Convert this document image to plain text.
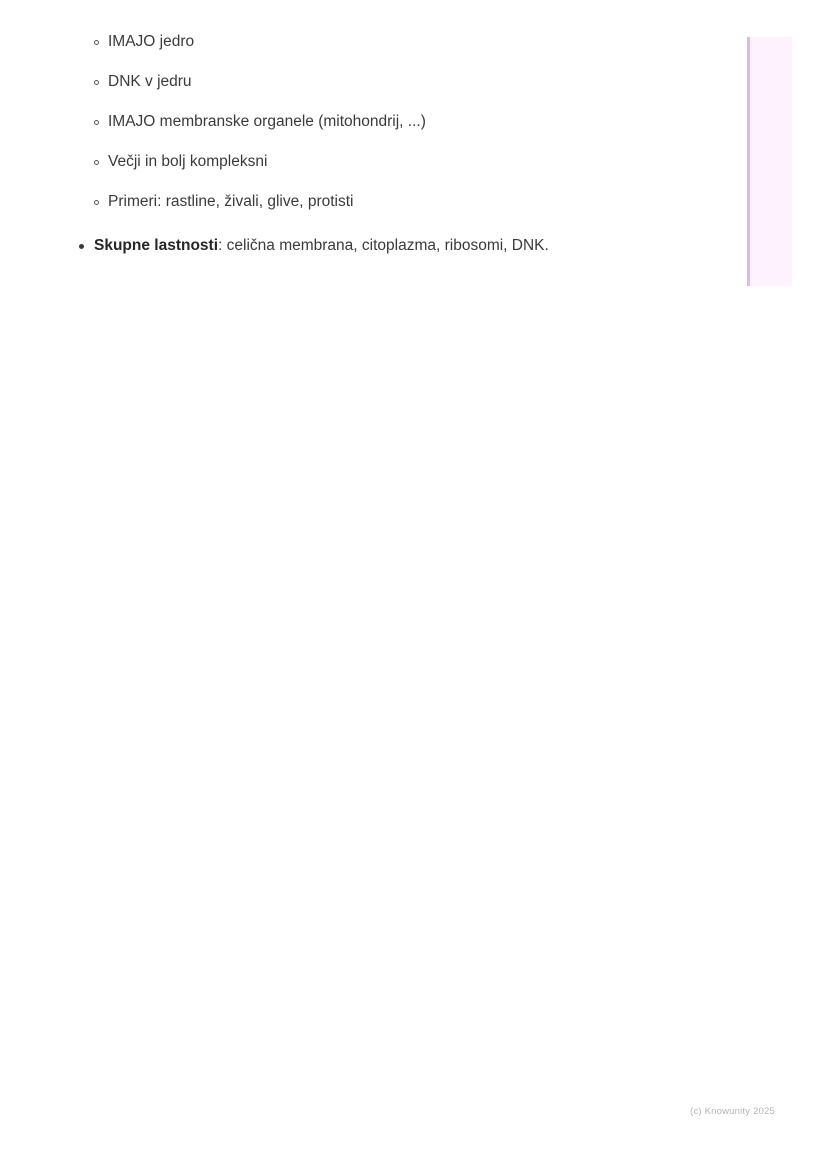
IMAJO jedro
DNK v jedru
IMAJO membranske organele (mitohondrij, ...)
Večji in bolj kompleksni
Primeri: rastline, živali, glive, protisti
Skupne lastnosti: celična membrana, citoplazma, ribosomi, DNK.
(c) Knowunity 2025
